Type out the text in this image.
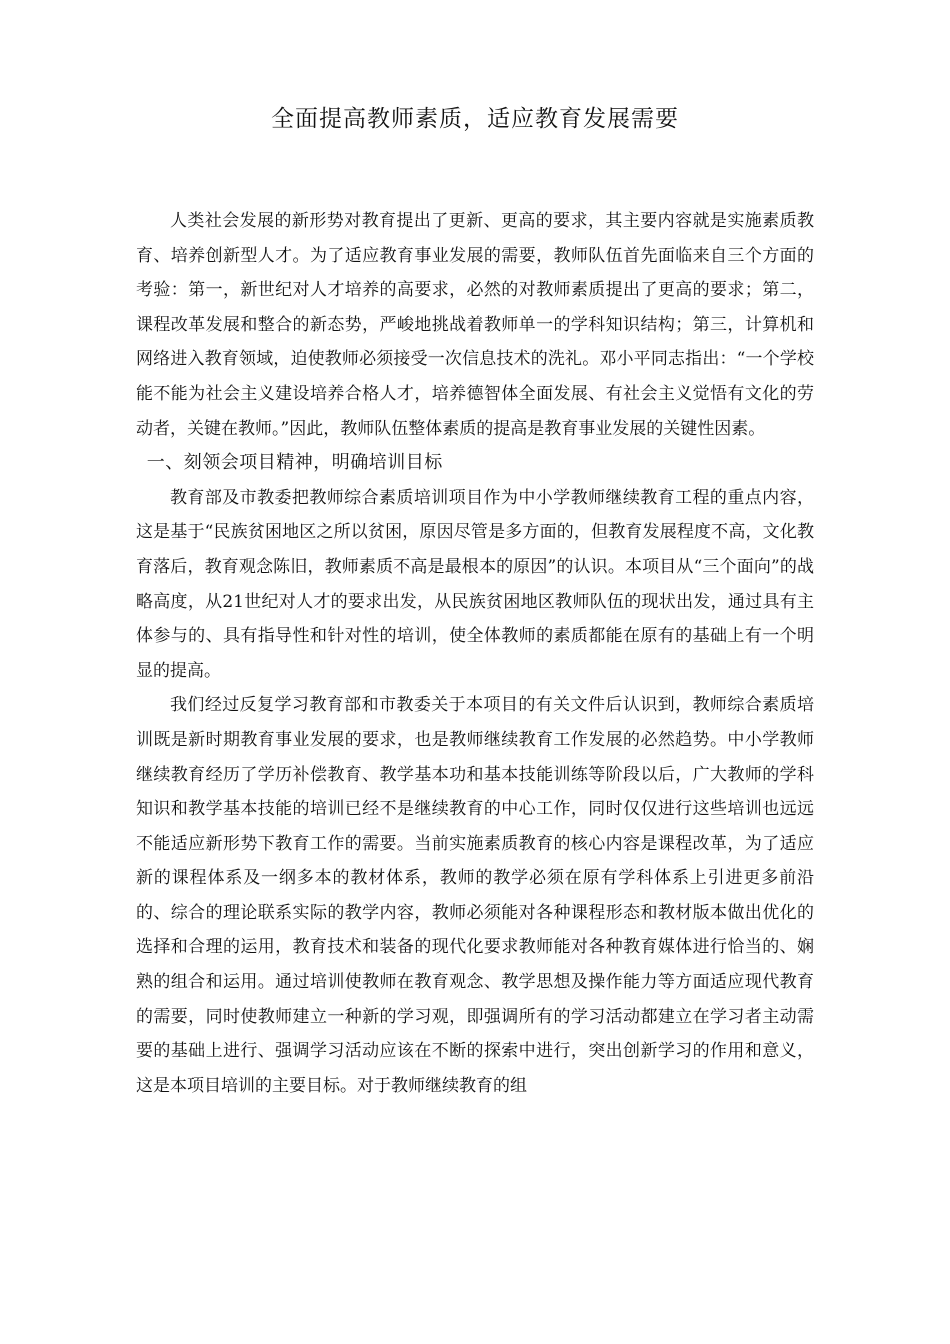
全面提高教师素质，适应教育发展需要

人类社会发展的新形势对教育提出了更新、更高的要求，其主要内容就是实施素质教育、培养创新型人才。为了适应教育事业发展的需要，教师队伍首先面临来自三个方面的考验：第一，新世纪对人才培养的高要求，必然的对教师素质提出了更高的要求；第二，课程改革发展和整合的新态势，严峻地挑战着教师单一的学科知识结构；第三，计算机和网络进入教育领域，迫使教师必须接受一次信息技术的洗礼。邓小平同志指出：“一个学校能不能为社会主义建设培养合格人才，培养德智体全面发展、有社会主义觉悟有文化的劳动者，关键在教师。”因此，教师队伍整体素质的提高是教育事业发展的关键性因素。

一、刻领会项目精神，明确培训目标

教育部及市教委把教师综合素质培训项目作为中小学教师继续教育工程的重点内容，这是基于“民族贫困地区之所以贫困，原因尽管是多方面的，但教育发展程度不高，文化教育落后，教育观念陈旧，教师素质不高是最根本的原因”的认识。本项目从“三个面向”的战略高度，从21世纪对人才的要求出发，从民族贫困地区教师队伍的现状出发，通过具有主体参与的、具有指导性和针对性的培训，使全体教师的素质都能在原有的基础上有一个明显的提高。

我们经过反复学习教育部和市教委关于本项目的有关文件后认识到，教师综合素质培训既是新时期教育事业发展的要求，也是教师继续教育工作发展的必然趋势。中小学教师继续教育经历了学历补偿教育、教学基本功和基本技能训练等阶段以后，广大教师的学科知识和教学基本技能的培训已经不是继续教育的中心工作，同时仅仅进行这些培训也远远不能适应新形势下教育工作的需要。当前实施素质教育的核心内容是课程改革，为了适应新的课程体系及一纲多本的教材体系，教师的教学必须在原有学科体系上引进更多前沿的、综合的理论联系实际的教学内容，教师必须能对各种课程形态和教材版本做出优化的选择和合理的运用，教育技术和装备的现代化要求教师能对各种教育媒体进行恰当的、娴熟的组合和运用。通过培训使教师在教育观念、教学思想及操作能力等方面适应现代教育的需要，同时使教师建立一种新的学习观，即强调所有的学习活动都建立在学习者主动需要的基础上进行、强调学习活动应该在不断的探索中进行，突出创新学习的作用和意义，这是本项目培训的主要目标。对于教师继续教育的组
